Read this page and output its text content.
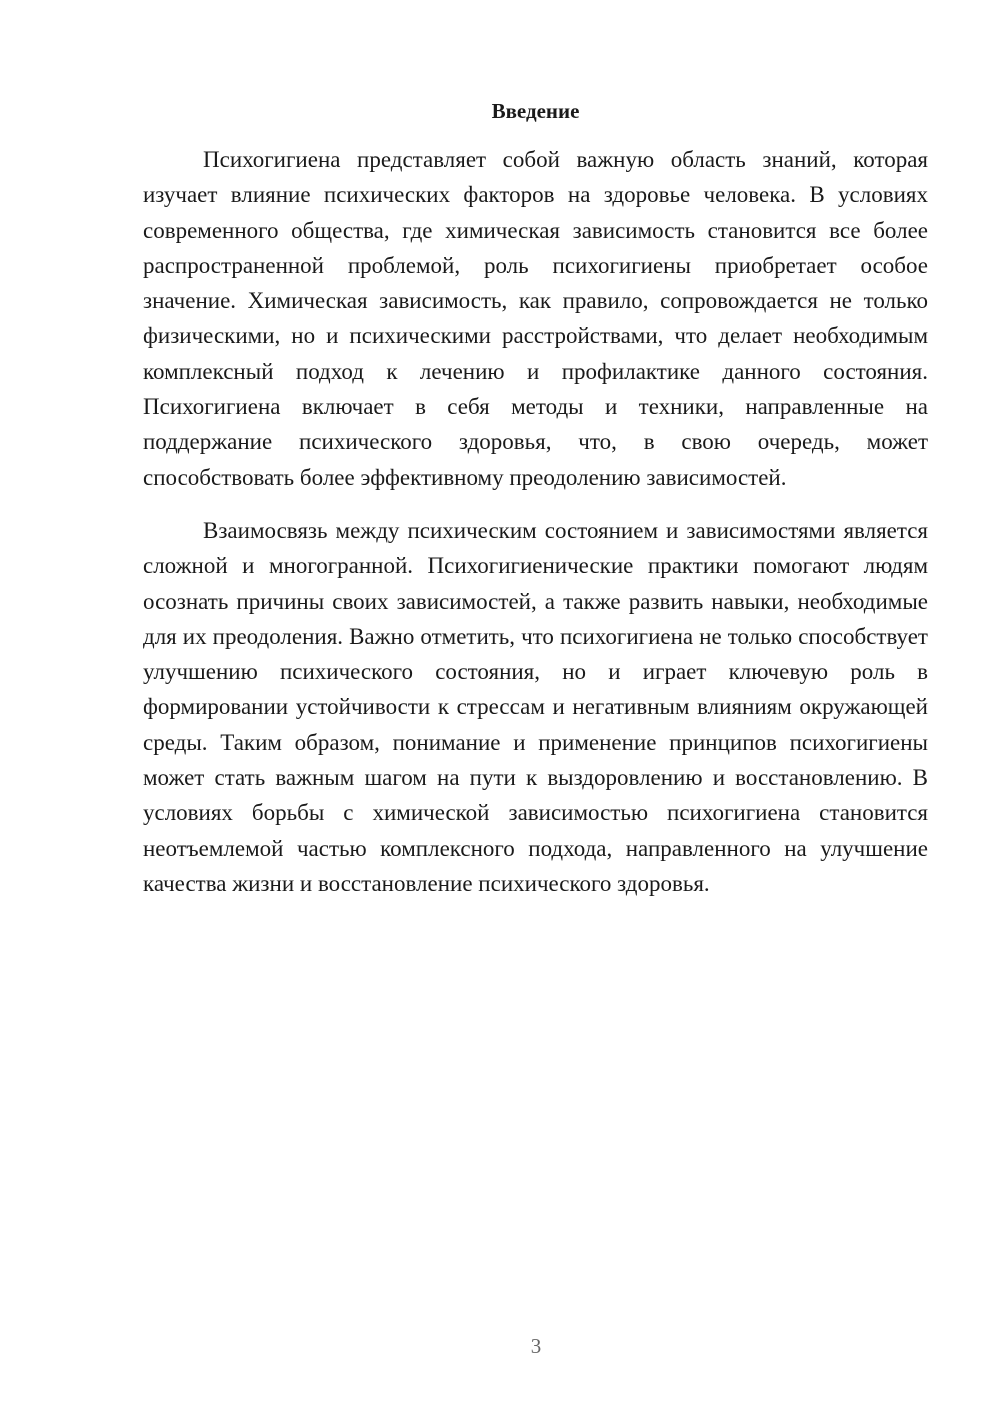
Введение

Психогигиена представляет собой важную область знаний, которая изучает влияние психических факторов на здоровье человека. В условиях современного общества, где химическая зависимость становится все более распространенной проблемой, роль психогигиены приобретает особое значение. Химическая зависимость, как правило, сопровождается не только физическими, но и психическими расстройствами, что делает необходимым комплексный подход к лечению и профилактике данного состояния. Психогигиена включает в себя методы и техники, направленные на поддержание психического здоровья, что, в свою очередь, может способствовать более эффективному преодолению зависимостей.

Взаимосвязь между психическим состоянием и зависимостями является сложной и многогранной. Психогигиенические практики помогают людям осознать причины своих зависимостей, а также развить навыки, необходимые для их преодоления. Важно отметить, что психогигиена не только способствует улучшению психического состояния, но и играет ключевую роль в формировании устойчивости к стрессам и негативным влияниям окружающей среды. Таким образом, понимание и применение принципов психогигиены может стать важным шагом на пути к выздоровлению и восстановлению. В условиях борьбы с химической зависимостью психогигиена становится неотъемлемой частью комплексного подхода, направленного на улучшение качества жизни и восстановление психического здоровья.

3
